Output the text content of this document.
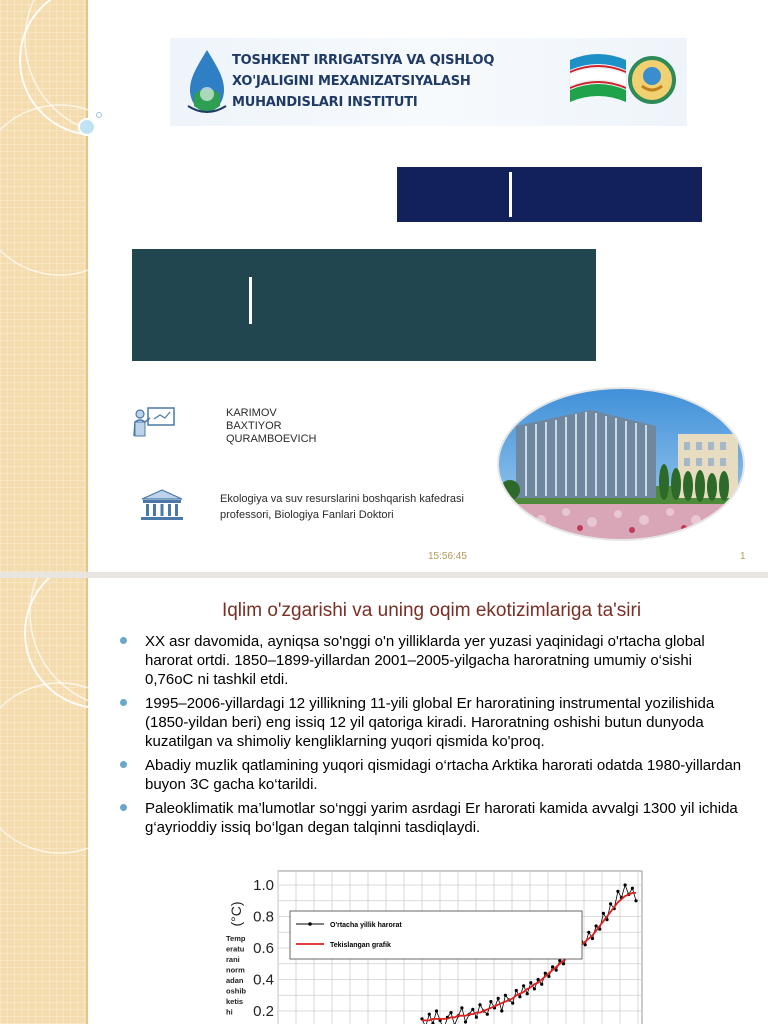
TOSHKENT IRRIGATSIYA VA QISHLOQ
XO'JALIGINI MEXANIZATSIYALASH
MUHANDISLARI INSTITUTI
KARIMOV
BAXTIYOR
QURAMBOEVICH
Ekologiya va suv resurslarini boshqarish kafedrasi professori, Biologiya Fanlari Doktori
15:56:45	1
Iqlim o'zgarishi va uning oqim ekotizimlariga ta'siri
XX asr davomida, ayniqsa so'nggi o'n yilliklarda yer yuzasi yaqinidagi o'rtacha global harorat ortdi. 1850–1899-yillardan 2001–2005-yilgacha haroratning umumiy o‘sishi 0,76oC ni tashkil etdi.
1995–2006-yillardagi 12 yillikning 11-yili global Er haroratining instrumental yozilishida (1850-yildan beri) eng issiq 12 yil qatoriga kiradi. Haroratning oshishi butun dunyoda kuzatilgan va shimoliy kengliklarning yuqori qismida ko'proq.
Abadiy muzlik qatlamining yuqori qismidagi o‘rtacha Arktika harorati odatda 1980-yillardan buyon 3C gacha ko‘tarildi.
Paleoklimatik ma’lumotlar so‘nggi yarim asrdagi Er harorati kamida avvalgi 1300 yil ichida g‘ayrioddiy issiq bo‘lgan degan talqinni tasdiqlaydi.
1.0
0.8
0.6
0.4
0.2
(°C)
Temp eratu rani norm adan oshib ketis hi
O'rtacha yillik harorat
Tekislangan grafik
